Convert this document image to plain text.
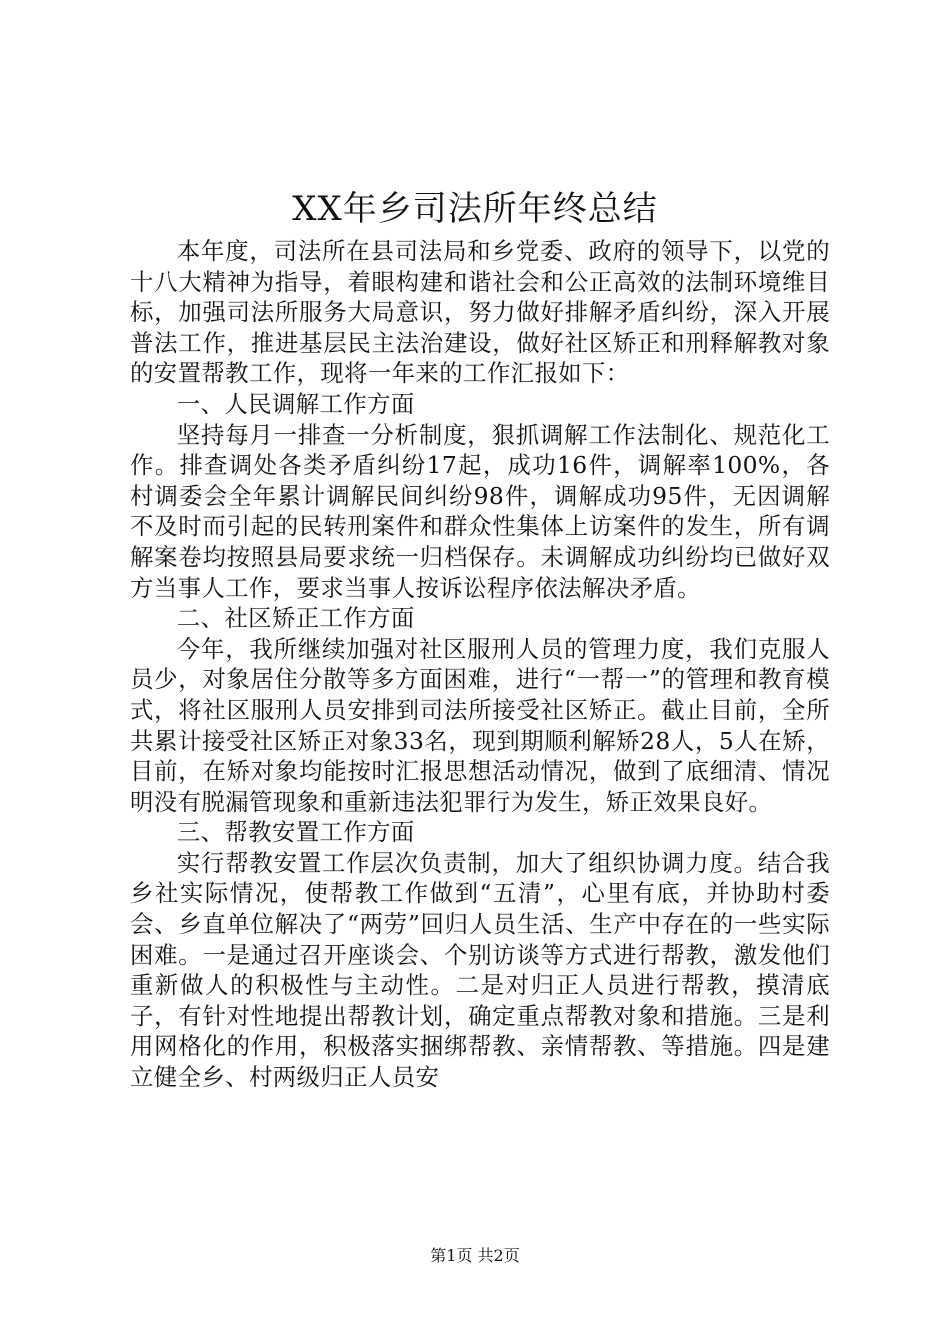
XX年乡司法所年终总结

本年度，司法所在县司法局和乡党委、政府的领导下，以党的十八大精神为指导，着眼构建和谐社会和公正高效的法制环境维目标，加强司法所服务大局意识，努力做好排解矛盾纠纷，深入开展普法工作，推进基层民主法治建设，做好社区矫正和刑释解教对象的安置帮教工作，现将一年来的工作汇报如下：

一、人民调解工作方面

坚持每月一排查一分析制度，狠抓调解工作法制化、规范化工作。排查调处各类矛盾纠纷17起，成功16件，调解率100%，各村调委会全年累计调解民间纠纷98件，调解成功95件，无因调解不及时而引起的民转刑案件和群众性集体上访案件的发生，所有调解案卷均按照县局要求统一归档保存。未调解成功纠纷均已做好双方当事人工作，要求当事人按诉讼程序依法解决矛盾。

二、社区矫正工作方面

今年，我所继续加强对社区服刑人员的管理力度，我们克服人员少，对象居住分散等多方面困难，进行“一帮一”的管理和教育模式，将社区服刑人员安排到司法所接受社区矫正。截止目前，全所共累计接受社区矫正对象33名，现到期顺利解矫28人，5人在矫，目前，在矫对象均能按时汇报思想活动情况，做到了底细清、情况明没有脱漏管现象和重新违法犯罪行为发生，矫正效果良好。

三、帮教安置工作方面

实行帮教安置工作层次负责制，加大了组织协调力度。结合我乡社实际情况，使帮教工作做到“五清”，心里有底，并协助村委会、乡直单位解决了“两劳”回归人员生活、生产中存在的一些实际困难。一是通过召开座谈会、个别访谈等方式进行帮教，激发他们重新做人的积极性与主动性。二是对归正人员进行帮教，摸清底子，有针对性地提出帮教计划，确定重点帮教对象和措施。三是利用网格化的作用，积极落实捆绑帮教、亲情帮教、等措施。四是建立健全乡、村两级归正人员安

第1页 共2页
